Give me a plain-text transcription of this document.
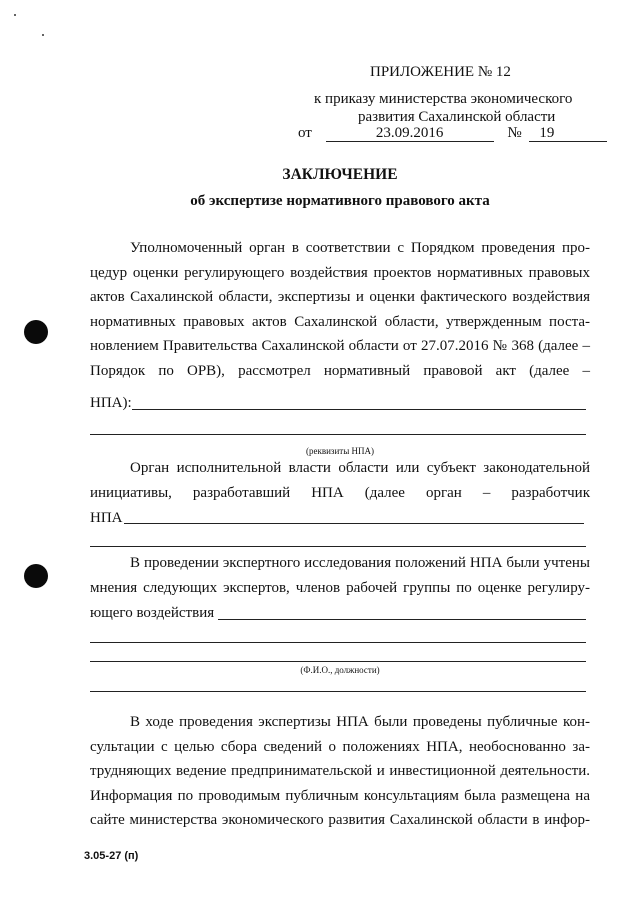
ПРИЛОЖЕНИЕ № 12
к приказу министерства экономического
развития Сахалинской области
от	23.09.2016	№ 19
ЗАКЛЮЧЕНИЕ
об экспертизе нормативного правового акта
Уполномоченный орган в соответствии с Порядком проведения про-
цедур оценки регулирующего воздействия проектов нормативных правовых
актов Сахалинской области, экспертизы и оценки фактического воздействия
нормативных правовых актов Сахалинской области, утвержденным поста-
новлением Правительства Сахалинской области от 27.07.2016 № 368 (далее –
Порядок по ОРВ), рассмотрел нормативный правовой акт (далее –
НПА):
(реквизиты НПА)
Орган исполнительной власти области или субъект законодательной
инициативы, разработавший НПА (далее орган – разработчик
НПА
В проведении экспертного исследования положений НПА были учтены
мнения следующих экспертов, членов рабочей группы по оценке регулиру-
ющего воздействия
(Ф.И.О., должности)
В ходе проведения экспертизы НПА были проведены публичные кон-
сультации с целью сбора сведений о положениях НПА, необоснованно за-
трудняющих ведение предпринимательской и инвестиционной деятельности.
Информация по проводимым публичным консультациям была размещена на
сайте министерства экономического развития Сахалинской области в инфор-
3.05-27 (п)
